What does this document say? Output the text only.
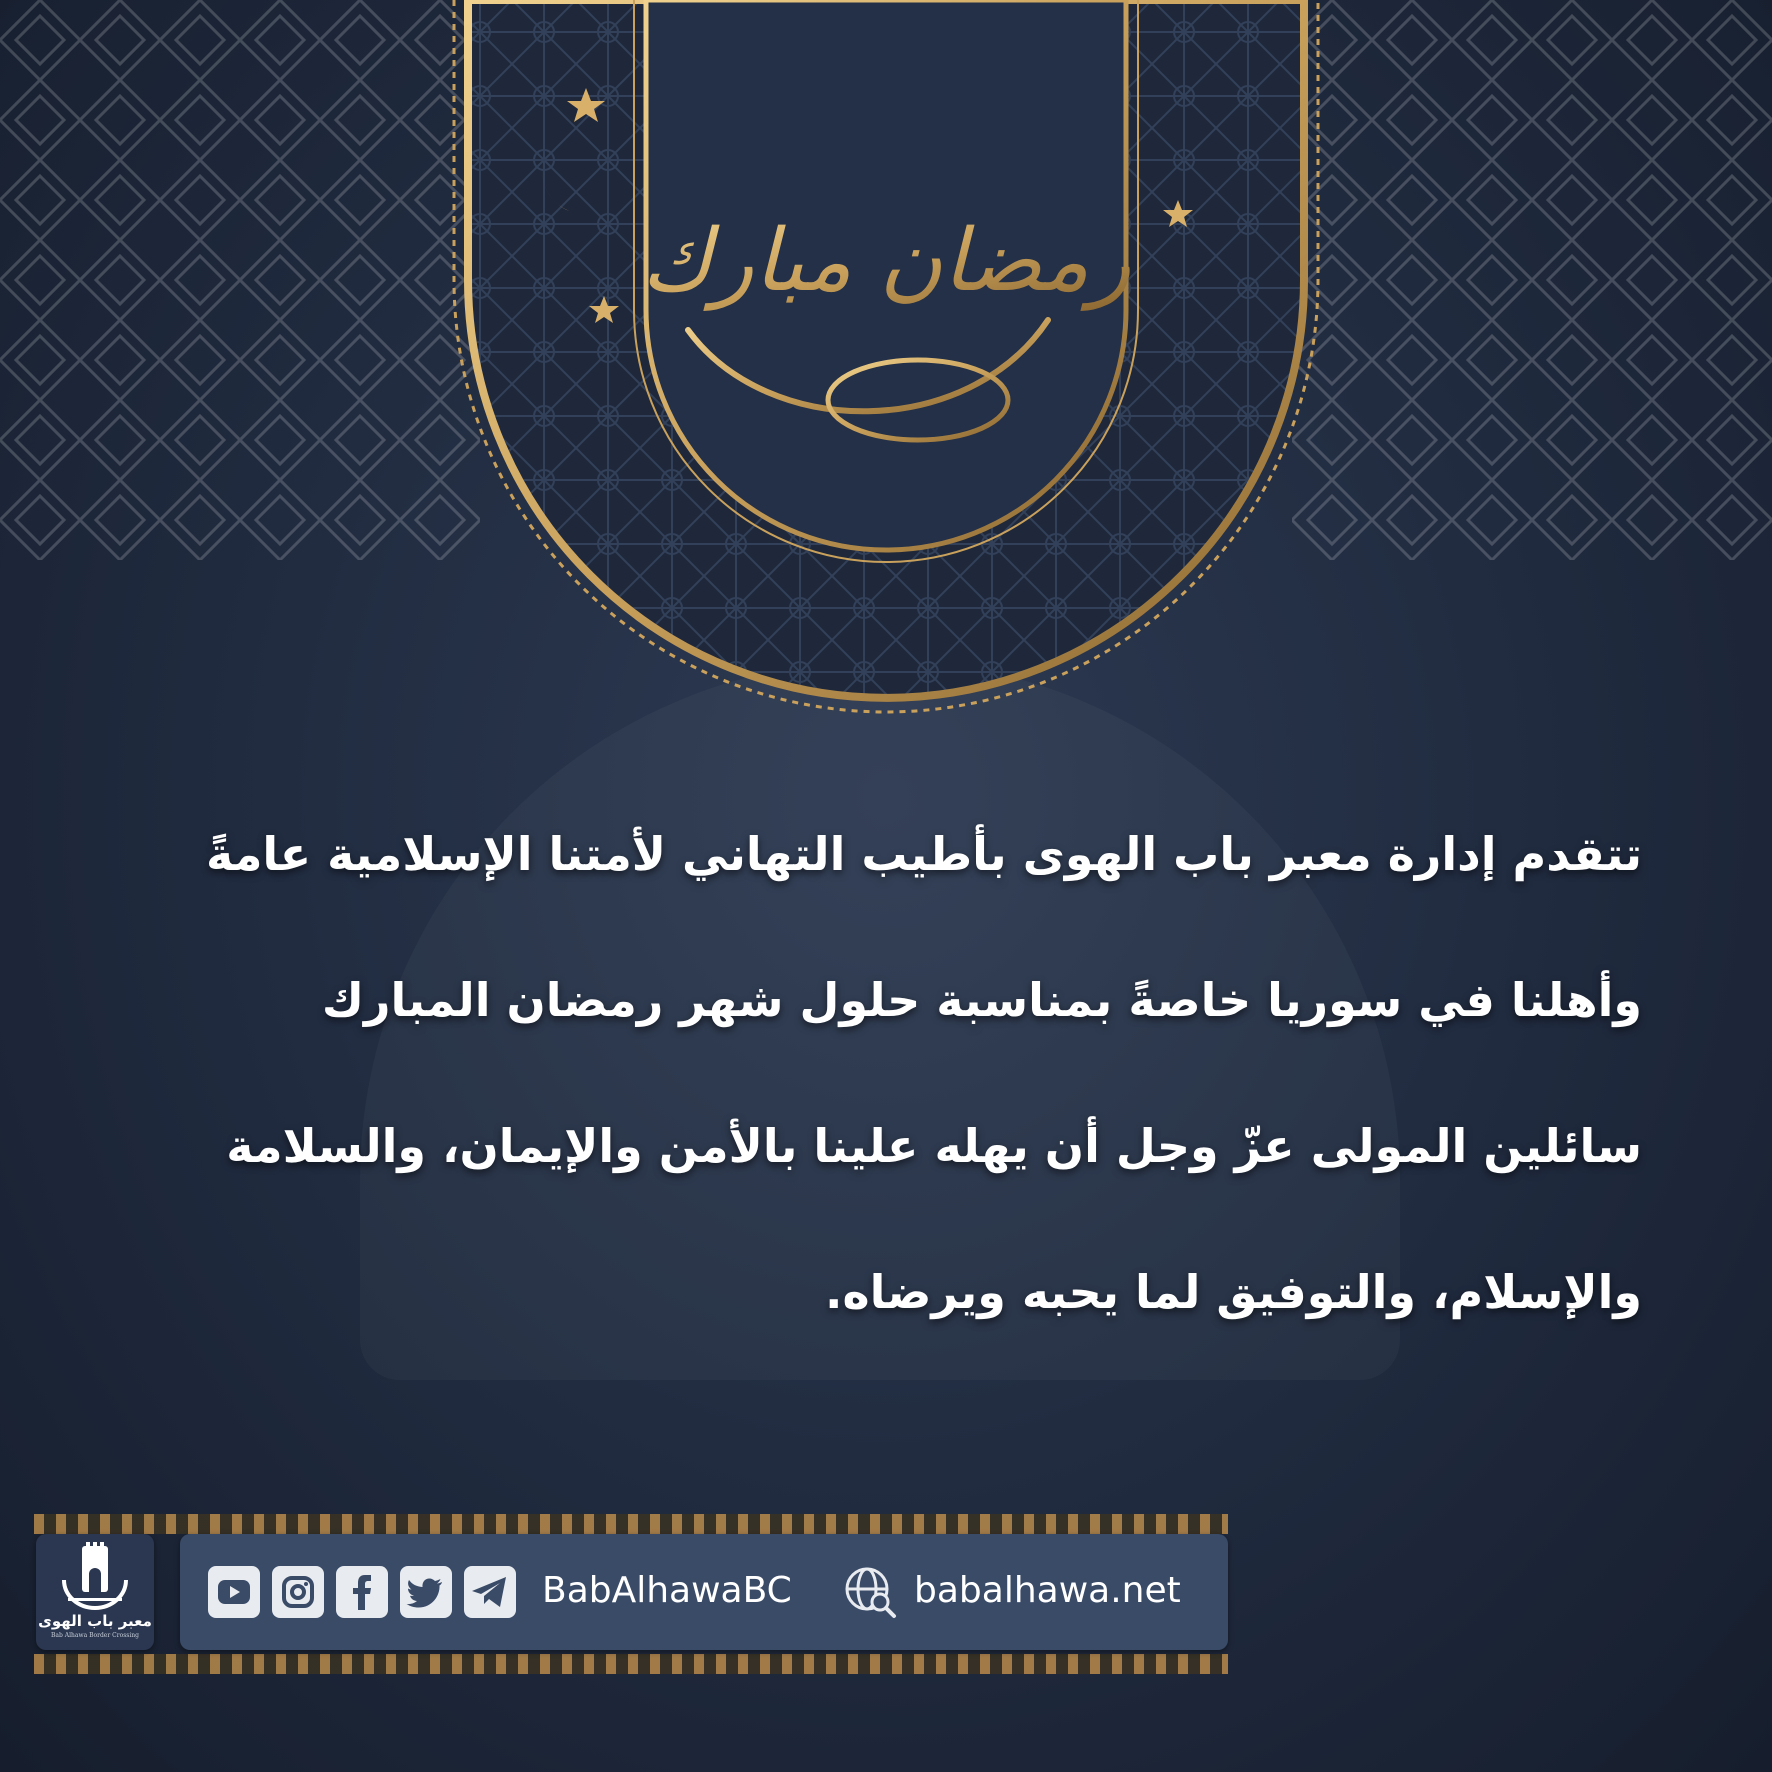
رمضان مبارك
تتقدم إدارة معبر باب الهوى بأطيب التهاني لأمتنا الإسلامية عامةً
وأهلنا في سوريا خاصةً بمناسبة حلول شهر رمضان المبارك
سائلين المولى عزّ وجل أن يهله علينا بالأمن والإيمان، والسلامة
والإسلام، والتوفيق لما يحبه ويرضاه.
معبر باب الهوى
Bab Alhawa Border Crossing
BabAlhawaBC	babalhawa.net
